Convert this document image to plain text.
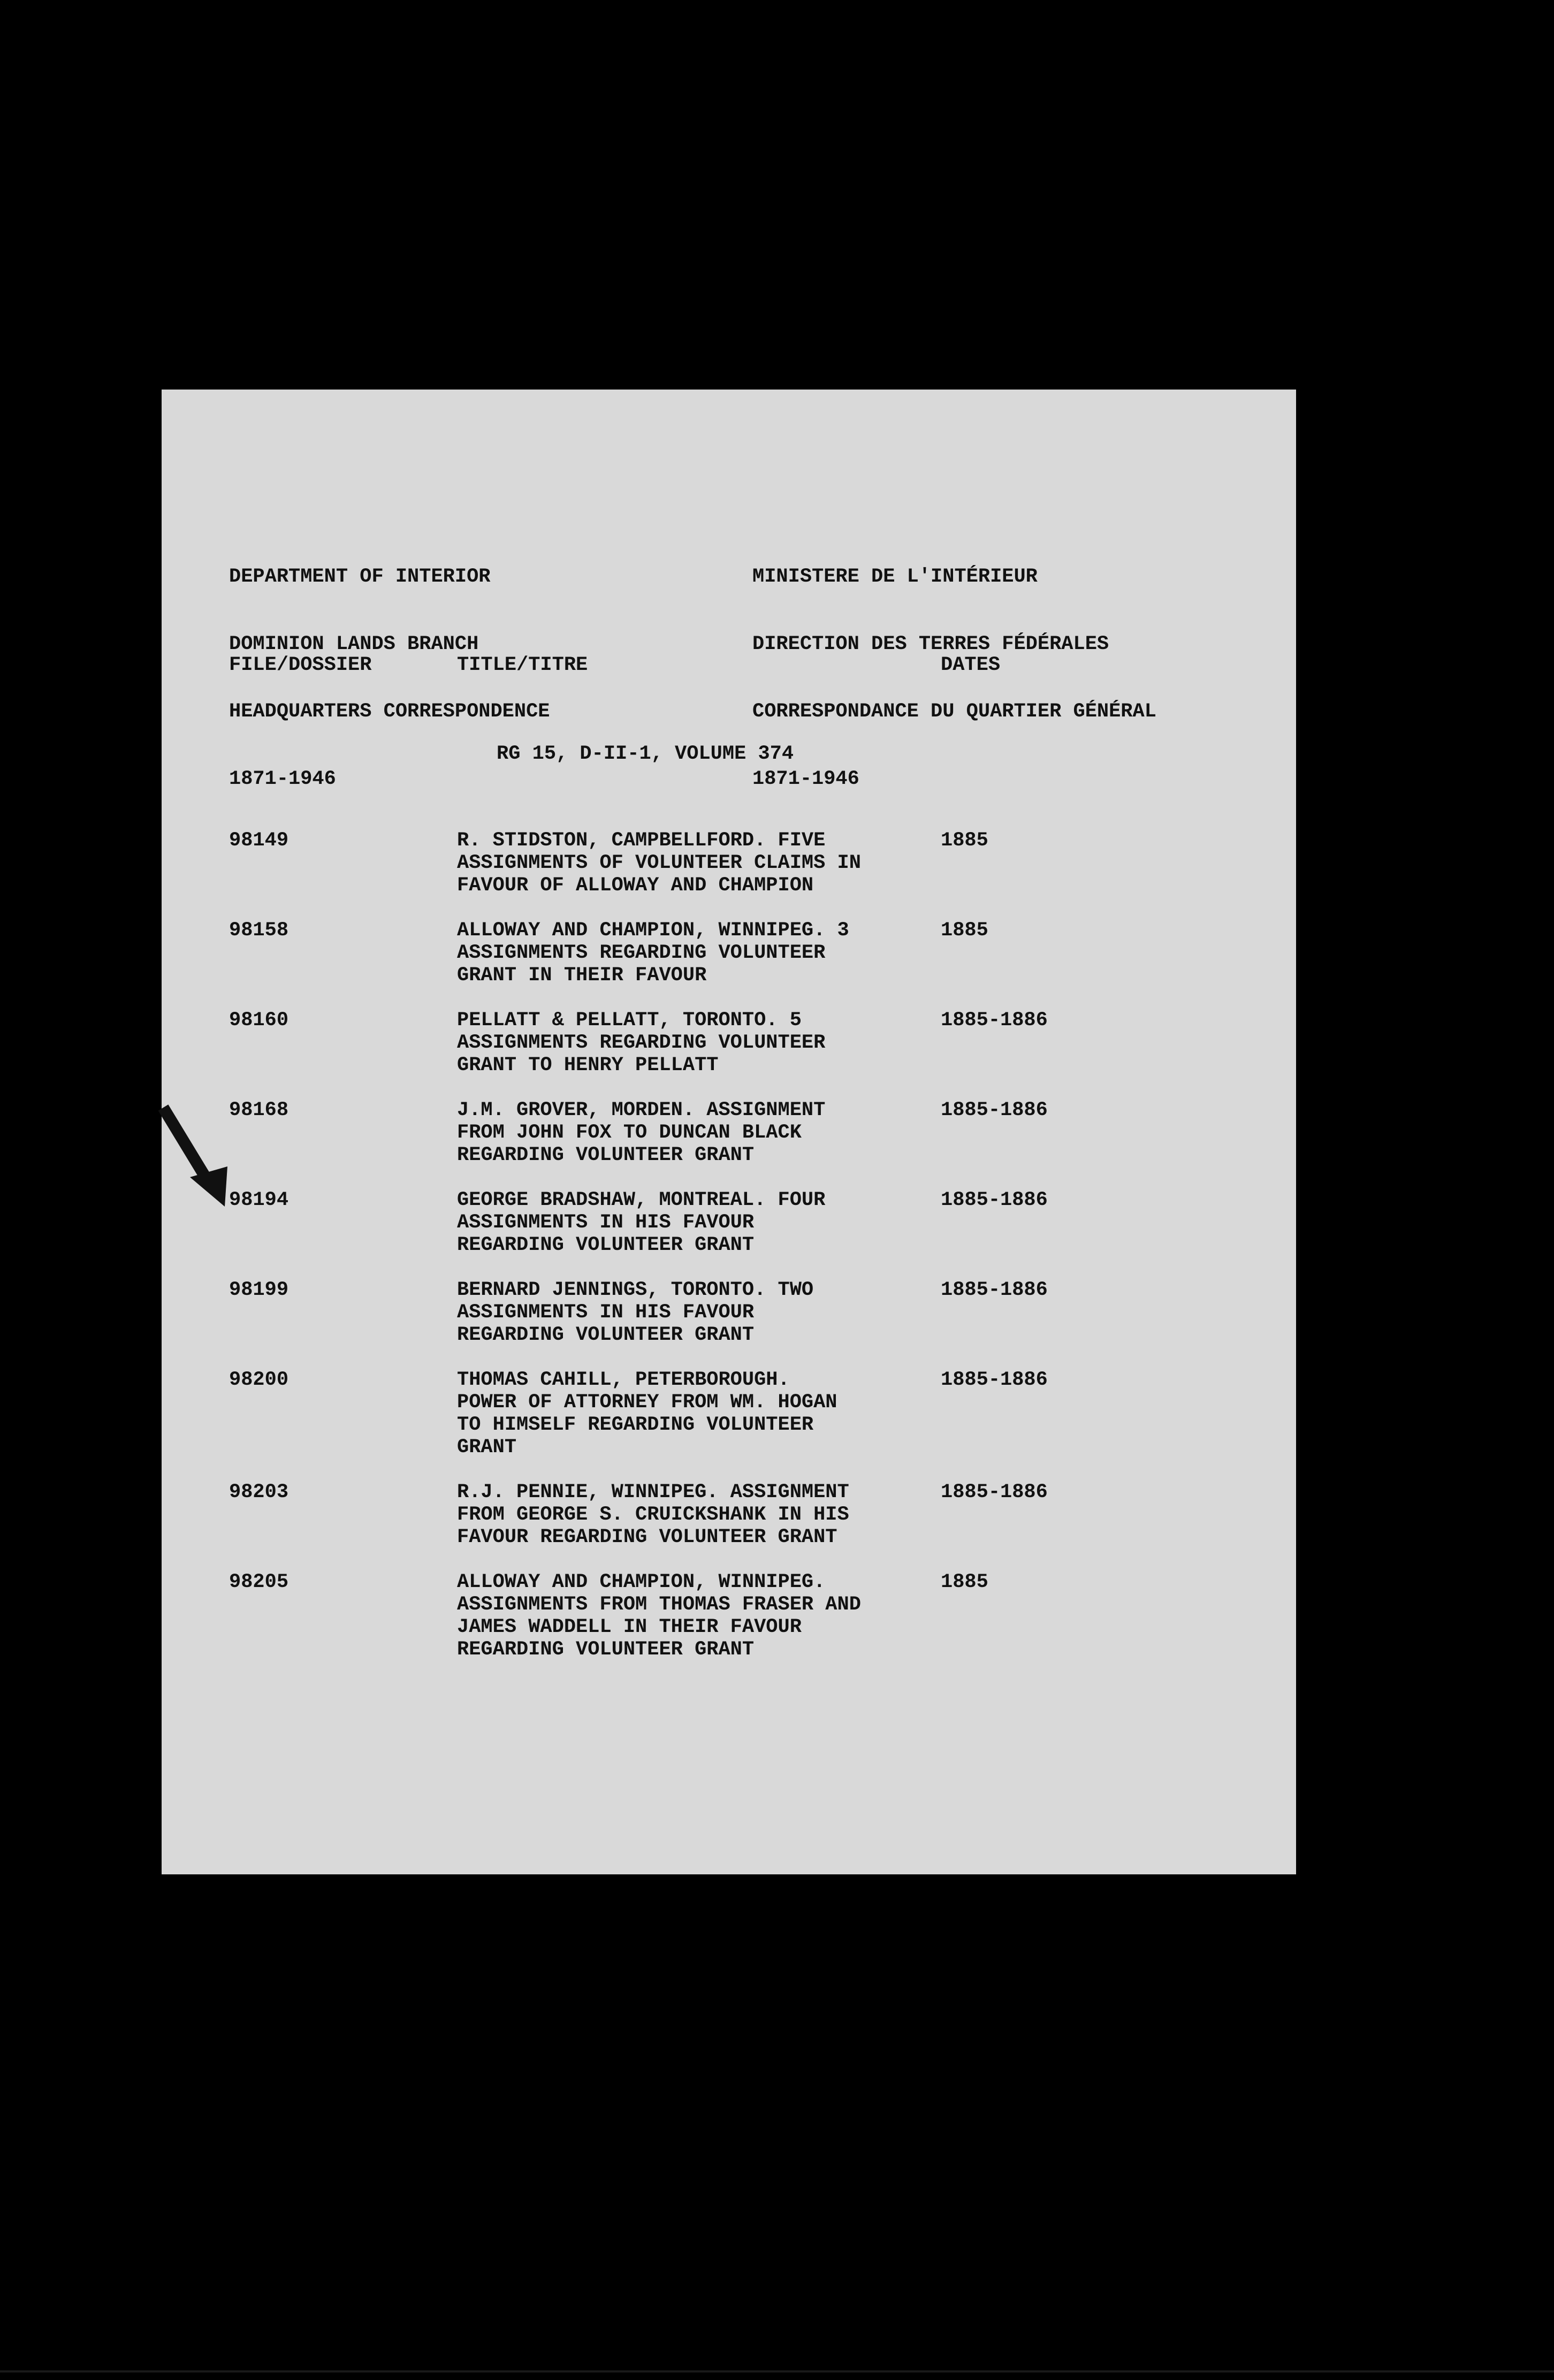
DEPARTMENT OF INTERIOR

DOMINION LANDS BRANCH

HEADQUARTERS CORRESPONDENCE

1871-1946

MINISTERE DE L'INTÉRIEUR

DIRECTION DES TERRES FÉDÉRALES

CORRESPONDANCE DU QUARTIER GÉNÉRAL

1871-1946

FILE/DOSSIER	TITLE/TITRE	DATES
RG 15, D-II-1, VOLUME 374
98149	R. STIDSTON, CAMPBELLFORD. FIVE
ASSIGNMENTS OF VOLUNTEER CLAIMS IN
FAVOUR OF ALLOWAY AND CHAMPION
1885
98158	ALLOWAY AND CHAMPION, WINNIPEG. 3
ASSIGNMENTS REGARDING VOLUNTEER
GRANT IN THEIR FAVOUR
1885
98160	PELLATT & PELLATT, TORONTO. 5
ASSIGNMENTS REGARDING VOLUNTEER
GRANT TO HENRY PELLATT
1885-1886
98168	J.M. GROVER, MORDEN. ASSIGNMENT
FROM JOHN FOX TO DUNCAN BLACK
REGARDING VOLUNTEER GRANT
1885-1886
98194	GEORGE BRADSHAW, MONTREAL. FOUR
ASSIGNMENTS IN HIS FAVOUR
REGARDING VOLUNTEER GRANT
1885-1886
98199	BERNARD JENNINGS, TORONTO. TWO
ASSIGNMENTS IN HIS FAVOUR
REGARDING VOLUNTEER GRANT
1885-1886
98200	THOMAS CAHILL, PETERBOROUGH.
POWER OF ATTORNEY FROM WM. HOGAN
TO HIMSELF REGARDING VOLUNTEER
GRANT
1885-1886
98203	R.J. PENNIE, WINNIPEG. ASSIGNMENT
FROM GEORGE S. CRUICKSHANK IN HIS
FAVOUR REGARDING VOLUNTEER GRANT
1885-1886
98205	ALLOWAY AND CHAMPION, WINNIPEG.
ASSIGNMENTS FROM THOMAS FRASER AND
JAMES WADDELL IN THEIR FAVOUR
REGARDING VOLUNTEER GRANT
1885
